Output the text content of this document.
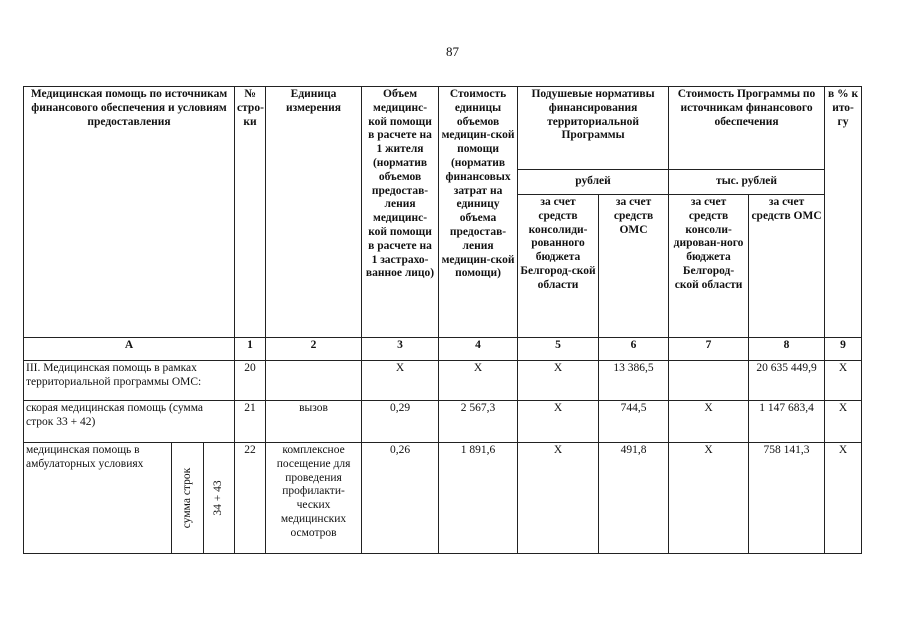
87
Медицинская помощь по источникам финансового обеспечения и условиям предоставления			№ стро-ки	Единица измерения	Объем медицинс-кой помощи в расчете на 1 жителя (норматив объемов предостав-ления медицинс-кой помощи в расчете на 1 застрахо-ванное лицо)	Стоимость единицы объемов медицин-ской помощи (норматив финансовых затрат на единицу объема предостав-ления медицин-ской помощи)	Подушевые нормативы финансирования территориальной Программы		Стоимость Программы по источникам финансового обеспечения		в % к ито-гу
							рублей		тыс. рублей		
							за счет средств консолиди-рованного бюджета Белгород-ской области	за счет средств ОМС	за счет средств консоли-дирован-ного бюджета Белгород-ской области	за счет средств ОМС	
А			1	2	3	4	5	6	7	8	9
III. Медицинская помощь в рамках территориальной программы ОМС:			20		Х	Х	Х	13 386,5		20 635 449,9	Х
скорая медицинская помощь (сумма строк 33 + 42)			21	вызов	0,29	2 567,3	Х	744,5	Х	1 147 683,4	Х
медицинская помощь в амбулаторных условиях	сумма строк	34 + 43	22	комплексное посещение для проведения профилакти-ческих медицинских осмотров	0,26	1 891,6	Х	491,8	Х	758 141,3	Х
